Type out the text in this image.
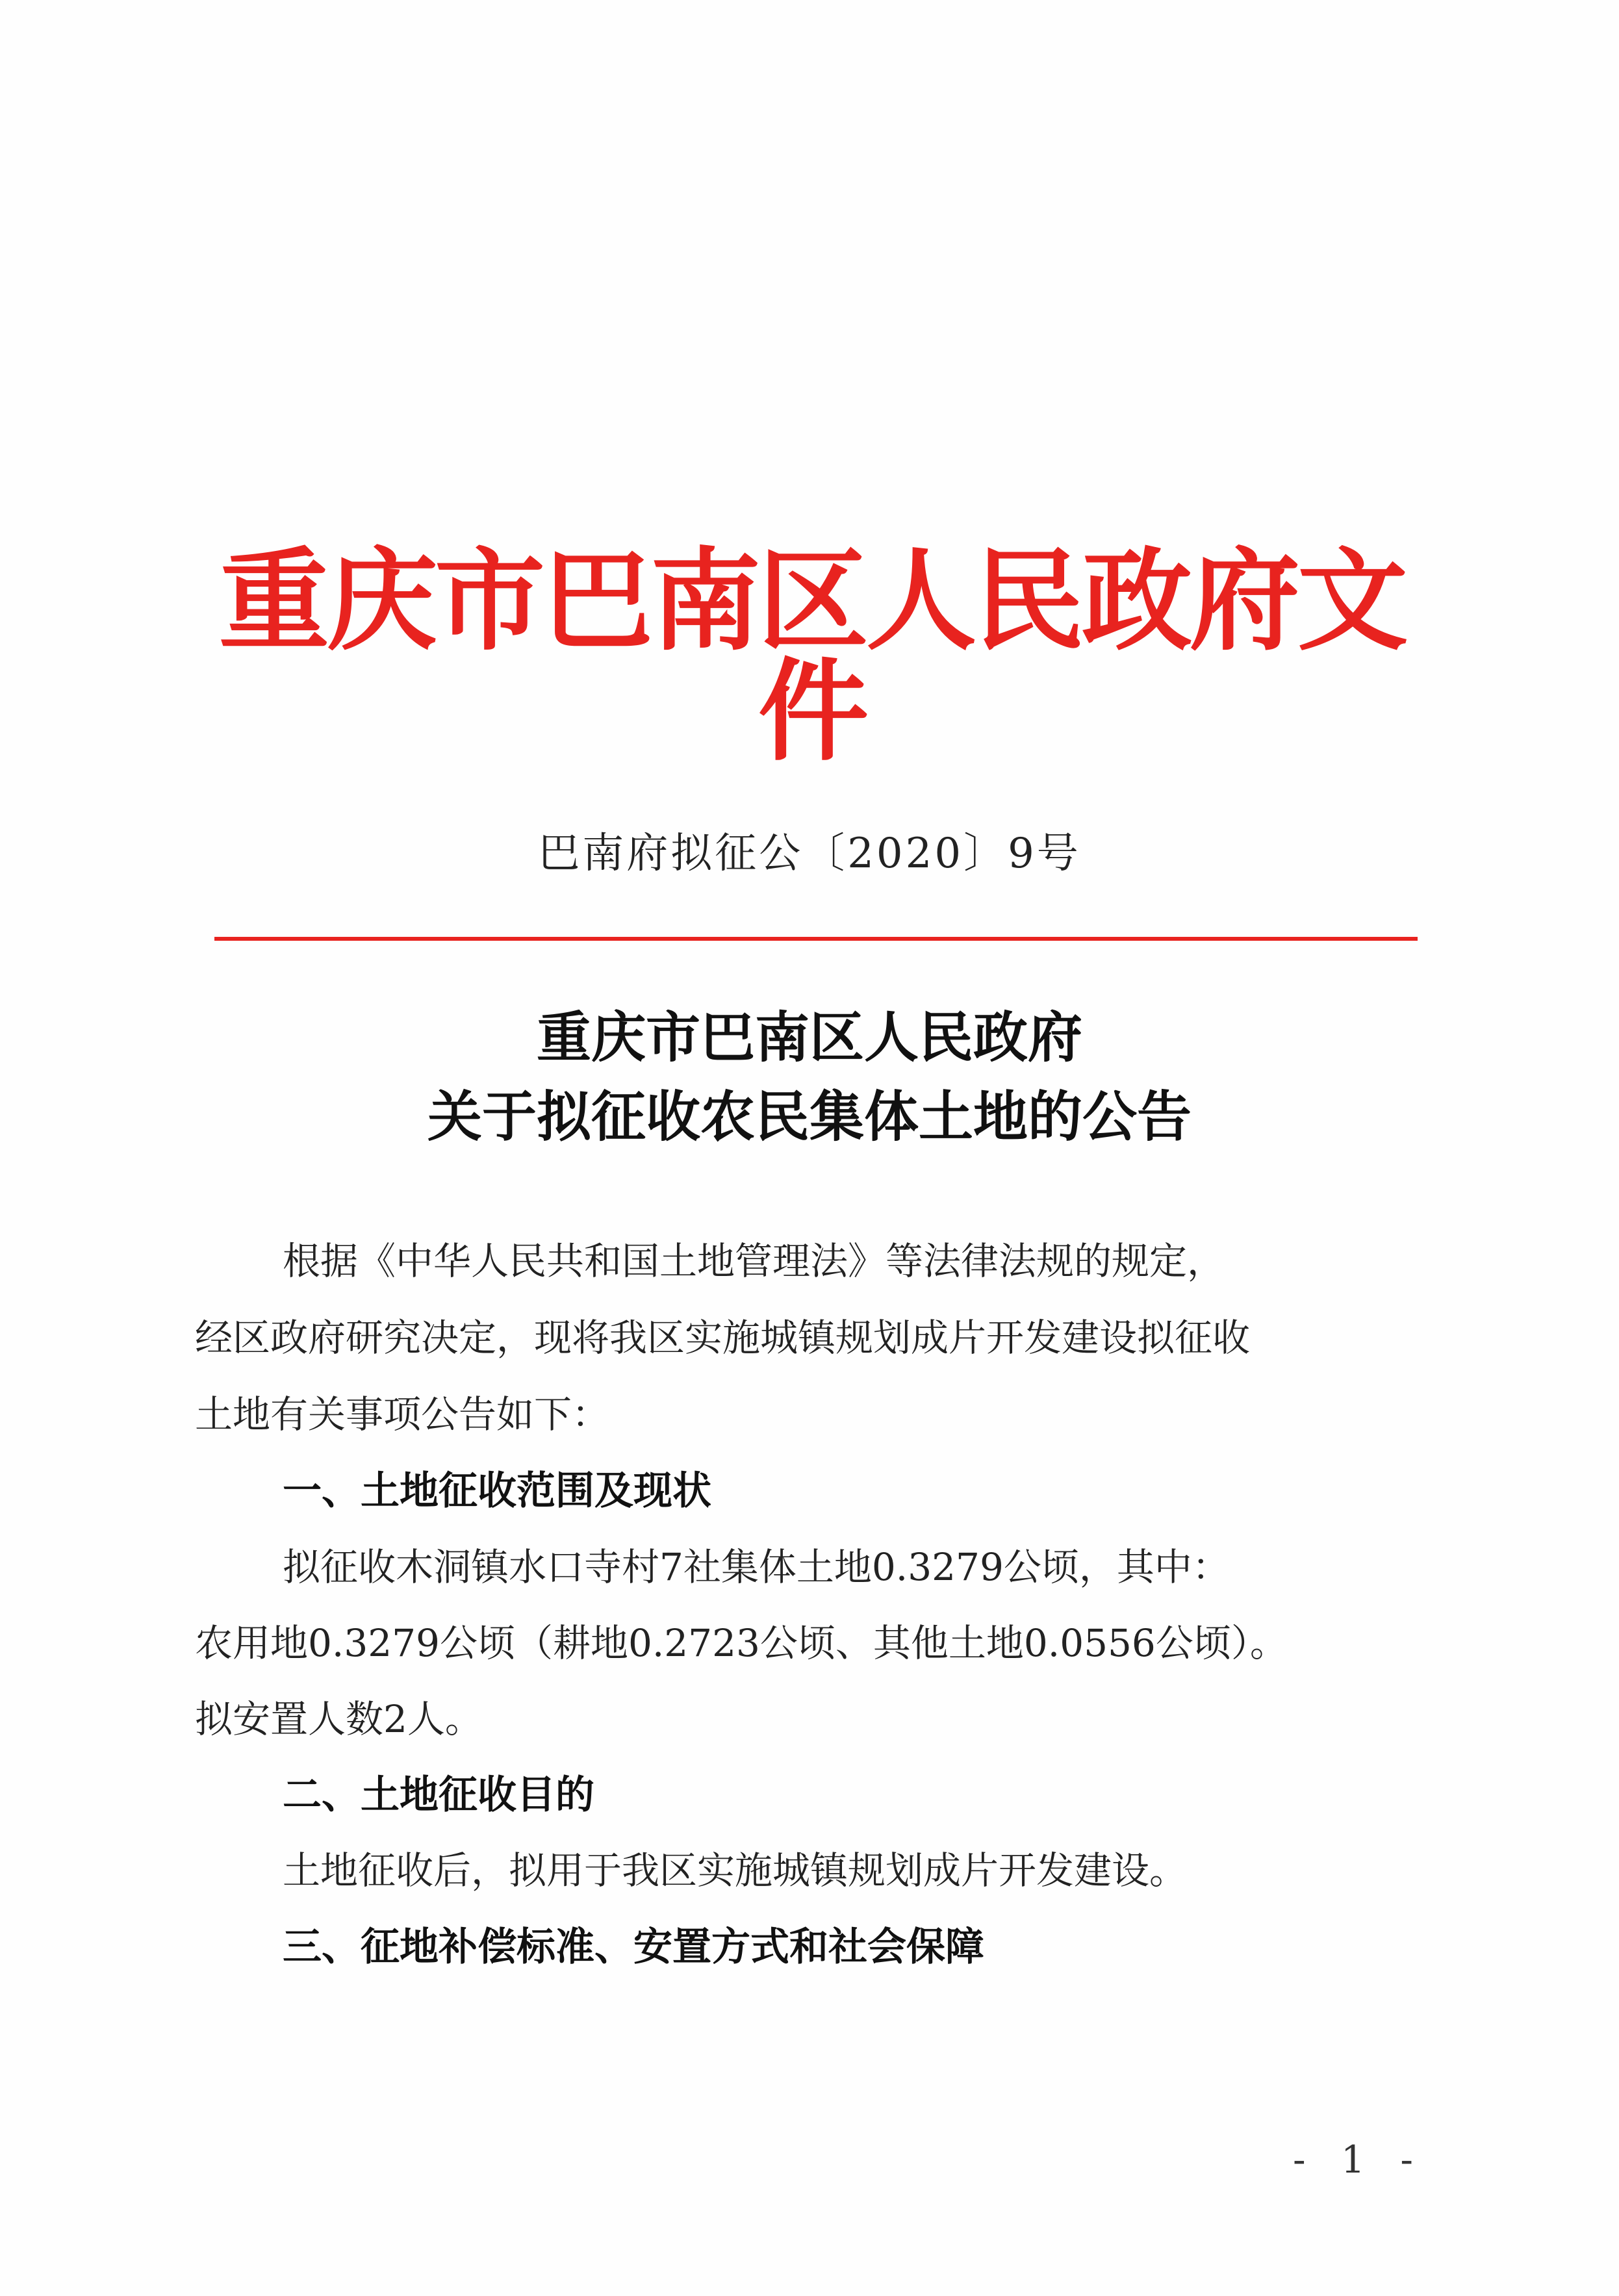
重庆市巴南区人民政府文件
巴南府拟征公〔2020〕9号
重庆市巴南区人民政府
关于拟征收农民集体土地的公告
根据《中华人民共和国土地管理法》等法律法规的规定，
经区政府研究决定，现将我区实施城镇规划成片开发建设拟征收
土地有关事项公告如下：
一、土地征收范围及现状
拟征收木洞镇水口寺村7社集体土地0.3279公顷，其中：
农用地0.3279公顷（耕地0.2723公顷、其他土地0.0556公顷）。
拟安置人数2人。
二、土地征收目的
土地征收后，拟用于我区实施城镇规划成片开发建设。
三、征地补偿标准、安置方式和社会保障
- 1 -
